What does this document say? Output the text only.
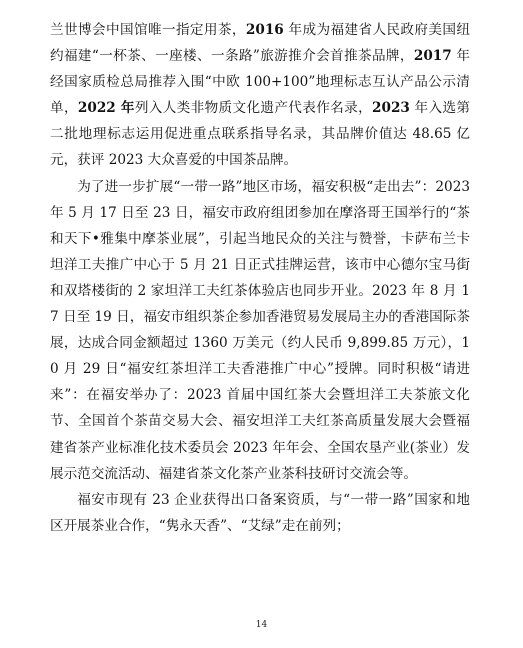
兰世博会中国馆唯一指定用茶，2016 年成为福建省人民政府美国纽约福建“一杯茶、一座楼、一条路”旅游推介会首推茶品牌，2017 年经国家质检总局推荐入围“中欧 100+100”地理标志互认产品公示清单，2022 年列入人类非物质文化遗产代表作名录，2023 年入选第二批地理标志运用促进重点联系指导名录，其品牌价值达 48.65 亿元，获评 2023 大众喜爱的中国茶品牌。

为了进一步扩展“一带一路”地区市场，福安积极“走出去”：2023 年 5 月 17 日至 23 日，福安市政府组团参加在摩洛哥王国举行的“茶和天下•雅集中摩茶业展”，引起当地民众的关注与赞誉，卡萨布兰卡坦洋工夫推广中心于 5 月 21 日正式挂牌运营，该市中心德尔宝马街和双塔楼街的 2 家坦洋工夫红茶体验店也同步开业。2023 年 8 月 17 日至 19 日，福安市组织茶企参加香港贸易发展局主办的香港国际茶展，达成合同金额超过 1360 万美元（约人民币 9,899.85 万元），10 月 29 日“福安红茶坦洋工夫香港推广中心”授牌。同时积极“请进来”：在福安举办了：2023 首届中国红茶大会暨坦洋工夫茶旅文化节、全国首个茶苗交易大会、福安坦洋工夫红茶高质量发展大会暨福建省茶产业标准化技术委员会 2023 年年会、全国农垦产业(茶业）发展示范交流活动、福建省茶文化茶产业茶科技研讨交流会等。

福安市现有 23 企业获得出口备案资质，与“一带一路”国家和地区开展茶业合作，“隽永天香”、“艾绿”走在前列；

14
